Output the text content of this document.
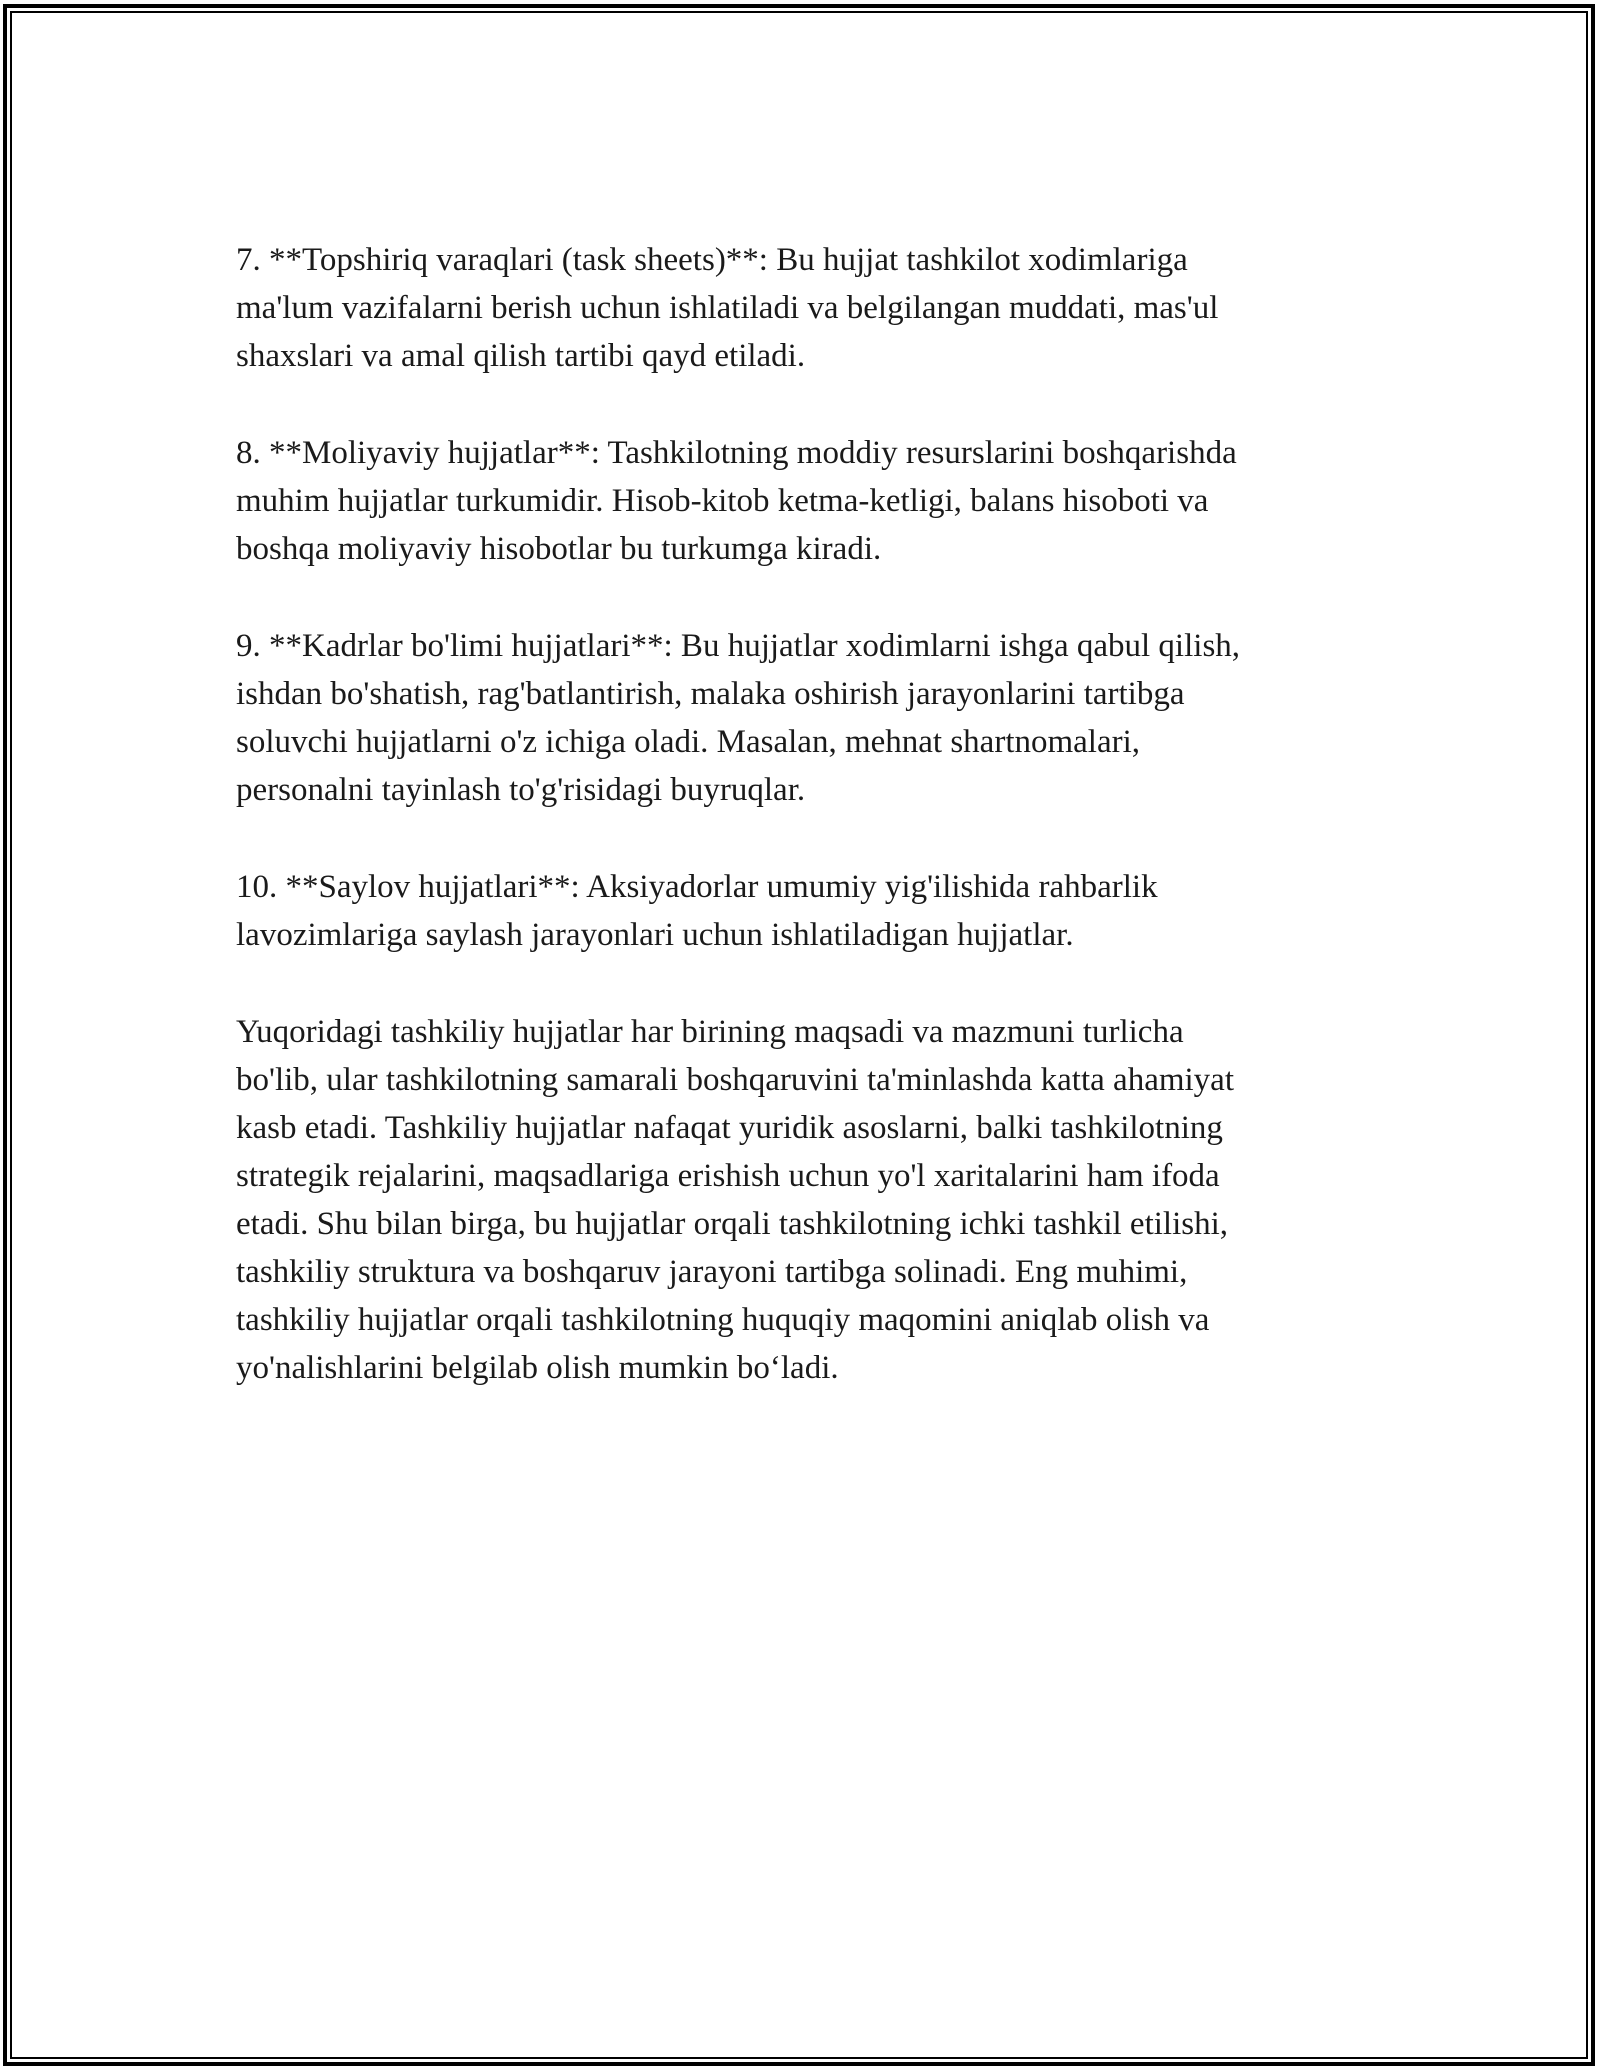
7. **Topshiriq varaqlari (task sheets)**: Bu hujjat tashkilot xodimlariga
ma'lum vazifalarni berish uchun ishlatiladi va belgilangan muddati, mas'ul
shaxslari va amal qilish tartibi qayd etiladi.

8. **Moliyaviy hujjatlar**: Tashkilotning moddiy resurslarini boshqarishda
muhim hujjatlar turkumidir. Hisob-kitob ketma-ketligi, balans hisoboti va
boshqa moliyaviy hisobotlar bu turkumga kiradi.

9. **Kadrlar bo'limi hujjatlari**: Bu hujjatlar xodimlarni ishga qabul qilish,
ishdan bo'shatish, rag'batlantirish, malaka oshirish jarayonlarini tartibga
soluvchi hujjatlarni o'z ichiga oladi. Masalan, mehnat shartnomalari,
personalni tayinlash to'g'risidagi buyruqlar.

10. **Saylov hujjatlari**: Aksiyadorlar umumiy yig'ilishida rahbarlik
lavozimlariga saylash jarayonlari uchun ishlatiladigan hujjatlar.

Yuqoridagi tashkiliy hujjatlar har birining maqsadi va mazmuni turlicha
bo'lib, ular tashkilotning samarali boshqaruvini ta'minlashda katta ahamiyat
kasb etadi. Tashkiliy hujjatlar nafaqat yuridik asoslarni, balki tashkilotning
strategik rejalarini, maqsadlariga erishish uchun yo'l xaritalarini ham ifoda
etadi. Shu bilan birga, bu hujjatlar orqali tashkilotning ichki tashkil etilishi,
tashkiliy struktura va boshqaruv jarayoni tartibga solinadi. Eng muhimi,
tashkiliy hujjatlar orqali tashkilotning huquqiy maqomini aniqlab olish va
yo'nalishlarini belgilab olish mumkin bo‘ladi.
